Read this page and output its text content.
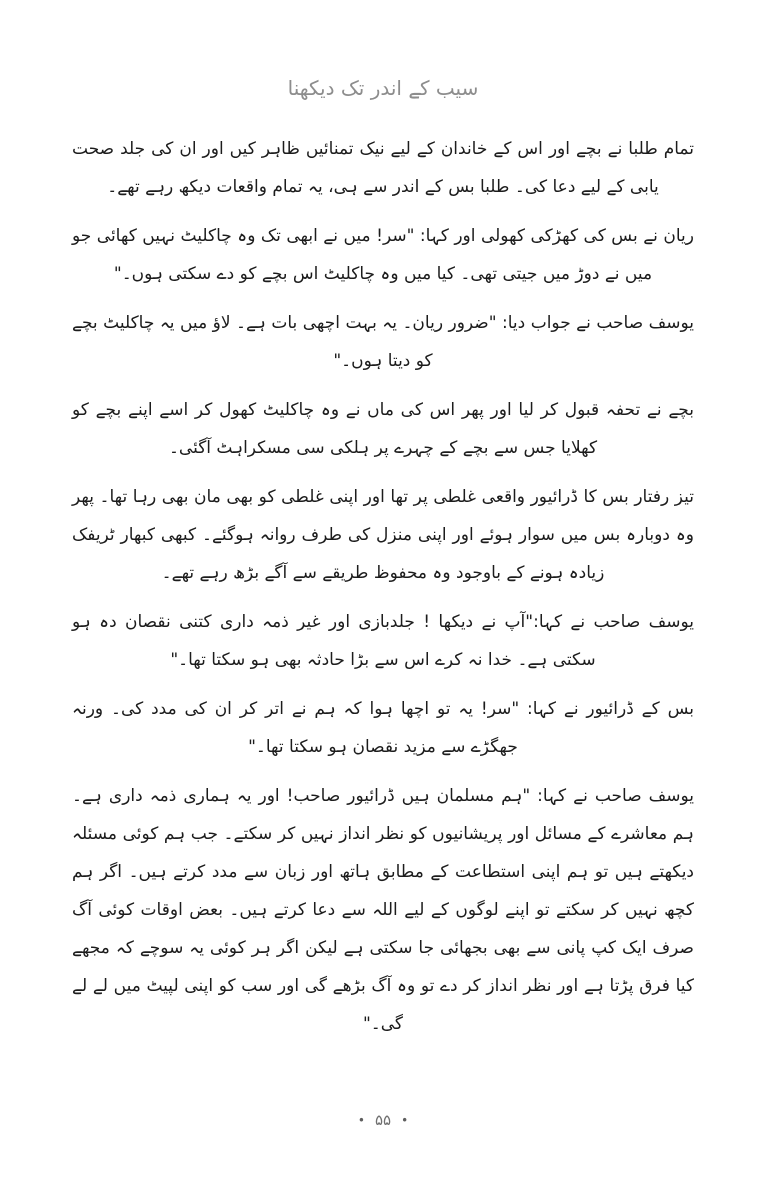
سیب کے اندر تک دیکھنا

تمام طلبا نے بچے اور اس کے خاندان کے لیے نیک تمنائیں ظاہر کیں اور ان کی جلد صحت یابی کے لیے دعا کی۔ طلبا بس کے اندر سے ہی، یہ تمام واقعات دیکھ رہے تھے۔

ریان نے بس کی کھڑکی کھولی اور کہا: "سر! میں نے ابھی تک وہ چاکلیٹ نہیں کھائی جو میں نے دوڑ میں جیتی تھی۔ کیا میں وہ چاکلیٹ اس بچے کو دے سکتی ہوں۔"

یوسف صاحب نے جواب دیا: "ضرور ریان۔ یہ بہت اچھی بات ہے۔ لاؤ میں یہ چاکلیٹ بچے کو دیتا ہوں۔"

بچے نے تحفہ قبول کر لیا اور پھر اس کی ماں نے وہ چاکلیٹ کھول کر اسے اپنے بچے کو کھلایا جس سے بچے کے چہرے پر ہلکی سی مسکراہٹ آگئی۔

تیز رفتار بس کا ڈرائیور واقعی غلطی پر تھا اور اپنی غلطی کو بھی مان بھی رہا تھا۔ پھر وہ دوبارہ بس میں سوار ہوئے اور اپنی منزل کی طرف روانہ ہوگئے۔ کبھی کبھار ٹریفک زیادہ ہونے کے باوجود وہ محفوظ طریقے سے آگے بڑھ رہے تھے۔

یوسف صاحب نے کہا:"آپ نے دیکھا ! جلدبازی اور غیر ذمہ داری کتنی نقصان دہ ہو سکتی ہے۔ خدا نہ کرے اس سے بڑا حادثہ بھی ہو سکتا تھا۔"

بس کے ڈرائیور نے کہا: "سر! یہ تو اچھا ہوا کہ ہم نے اتر کر ان کی مدد کی۔ ورنہ جھگڑے سے مزید نقصان ہو سکتا تھا۔"

یوسف صاحب نے کہا: "ہم مسلمان ہیں ڈرائیور صاحب! اور یہ ہماری ذمہ داری ہے۔ ہم معاشرے کے مسائل اور پریشانیوں کو نظر انداز نہیں کر سکتے۔ جب ہم کوئی مسئلہ دیکھتے ہیں تو ہم اپنی استطاعت کے مطابق ہاتھ اور زبان سے مدد کرتے ہیں۔ اگر ہم کچھ نہیں کر سکتے تو اپنے لوگوں کے لیے اللہ سے دعا کرتے ہیں۔ بعض اوقات کوئی آگ صرف ایک کپ پانی سے بھی بجھائی جا سکتی ہے لیکن اگر ہر کوئی یہ سوچے کہ مجھے کیا فرق پڑتا ہے اور نظر انداز کر دے تو وہ آگ بڑھے گی اور سب کو اپنی لپیٹ میں لے لے گی۔"

•۵۵•
